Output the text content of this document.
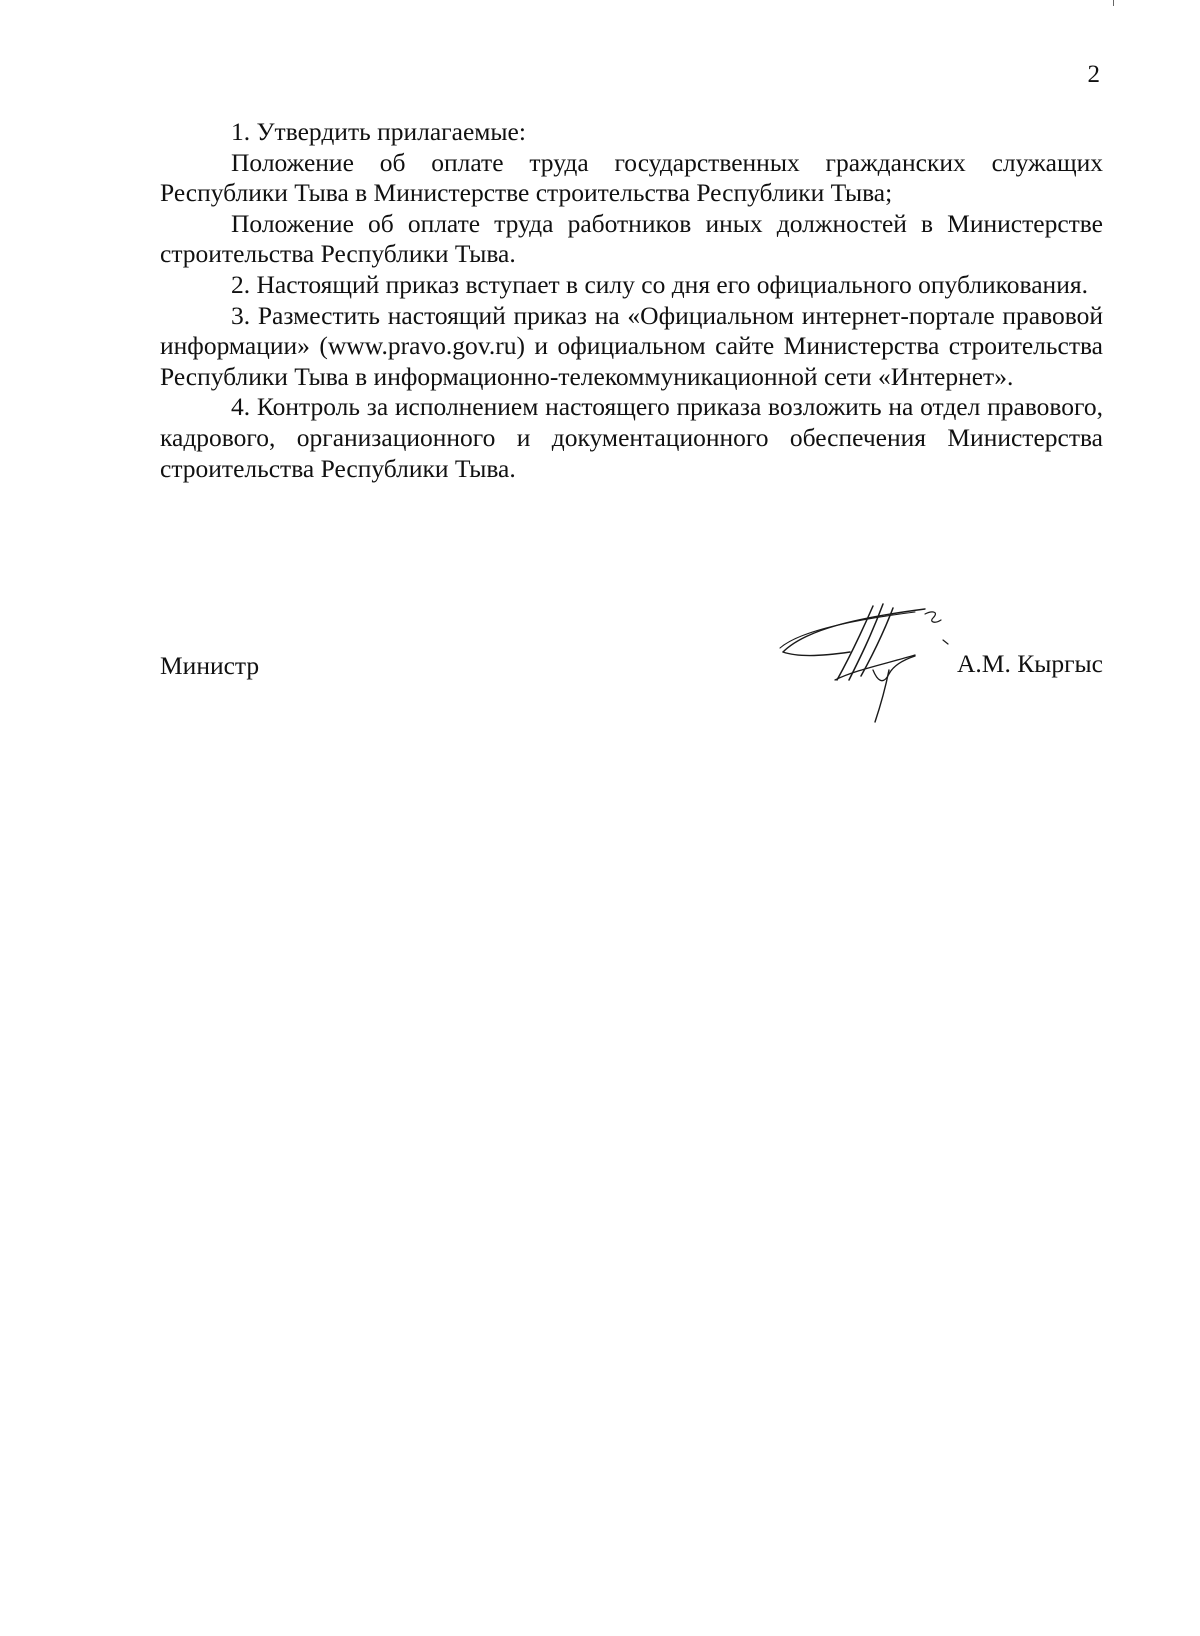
2

1. Утвердить прилагаемые:

Положение об оплате труда государственных гражданских служащих Республики Тыва в Министерстве строительства Республики Тыва;

Положение об оплате труда работников иных должностей в Министерстве строительства Республики Тыва.

2. Настоящий приказ вступает в силу со дня его официального опубликования.

3. Разместить настоящий приказ на «Официальном интернет-портале правовой информации» (www.pravo.gov.ru) и официальном сайте Министерства строительства Республики Тыва в информационно-телекоммуникационной сети «Интернет».

4. Контроль за исполнением настоящего приказа возложить на отдел правового, кадрового, организационного и документационного обеспечения Министерства строительства Республики Тыва.

Министр	А.М. Кыргыс
